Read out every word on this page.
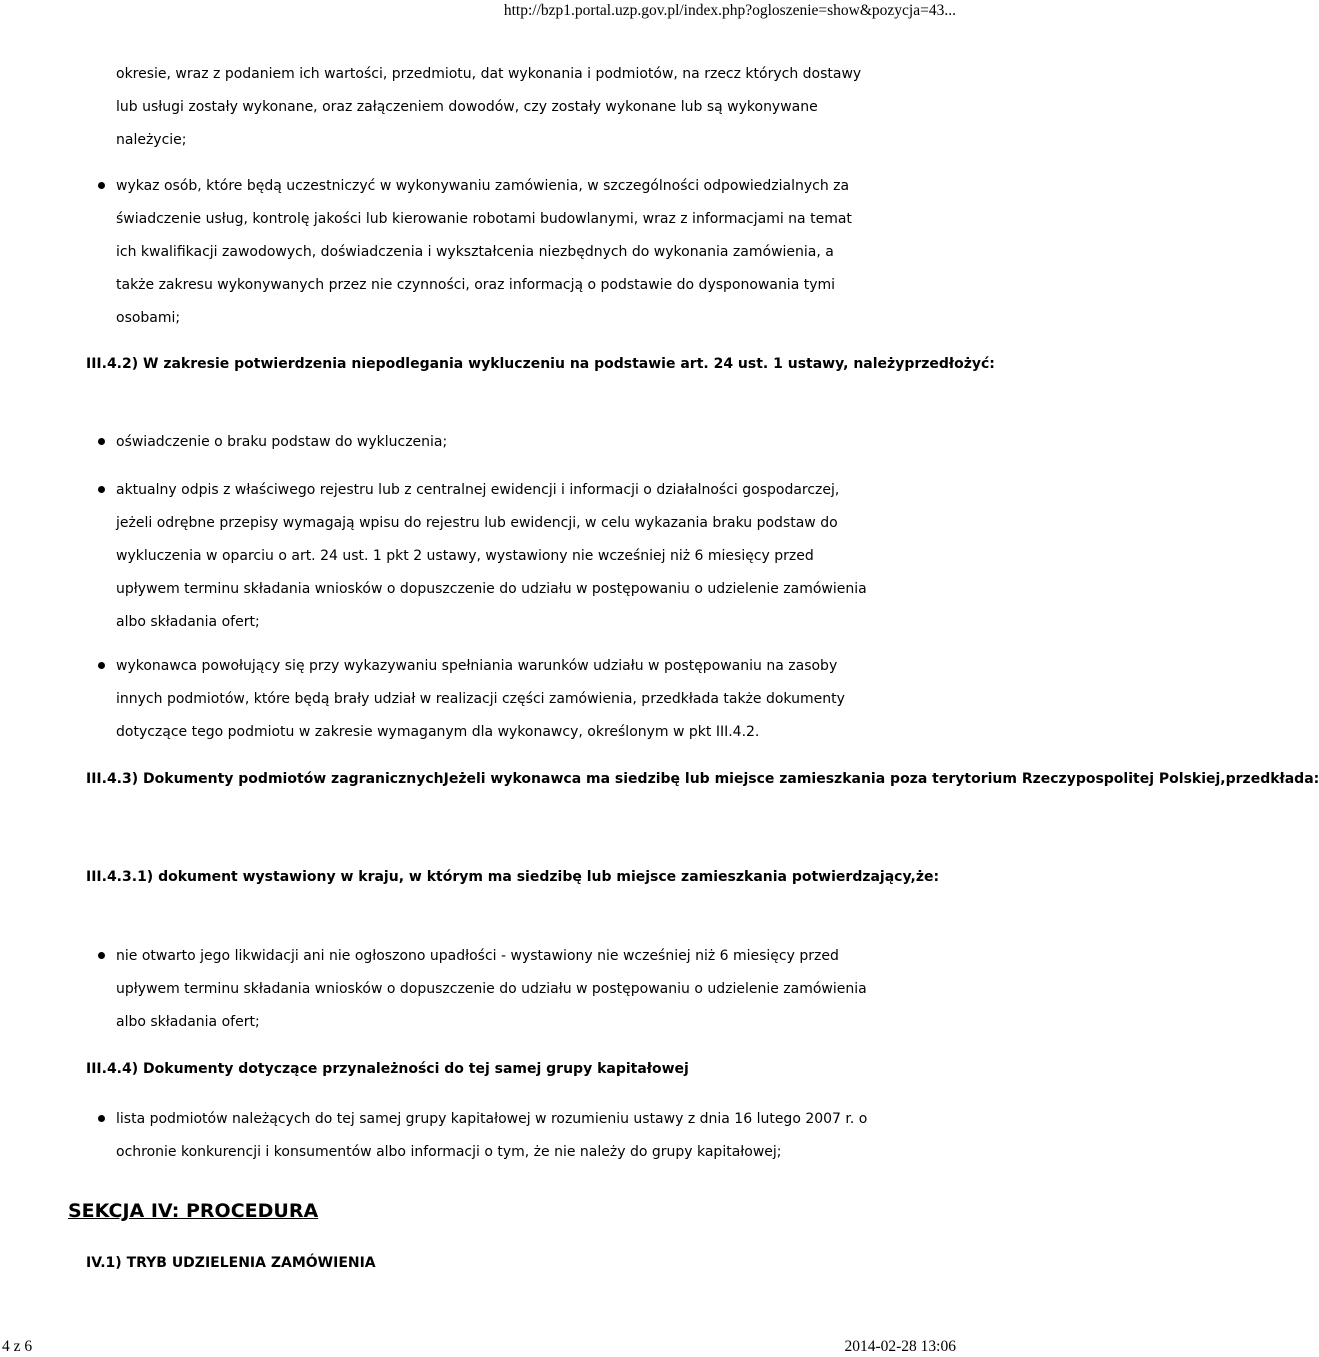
http://bzp1.portal.uzp.gov.pl/index.php?ogloszenie=show&pozycja=43...
okresie, wraz z podaniem ich wartości, przedmiotu, dat wykonania i podmiotów, na rzecz których dostawy
lub usługi zostały wykonane, oraz załączeniem dowodów, czy zostały wykonane lub są wykonywane
należycie;
wykaz osób, które będą uczestniczyć w wykonywaniu zamówienia, w szczególności odpowiedzialnych za
świadczenie usług, kontrolę jakości lub kierowanie robotami budowlanymi, wraz z informacjami na temat
ich kwalifikacji zawodowych, doświadczenia i wykształcenia niezbędnych do wykonania zamówienia, a
także zakresu wykonywanych przez nie czynności, oraz informacją o podstawie do dysponowania tymi
osobami;
III.4.2) W zakresie potwierdzenia niepodlegania wykluczeniu na podstawie art. 24 ust. 1 ustawy, należyprzedłożyć:
oświadczenie o braku podstaw do wykluczenia;
aktualny odpis z właściwego rejestru lub z centralnej ewidencji i informacji o działalności gospodarczej,
jeżeli odrębne przepisy wymagają wpisu do rejestru lub ewidencji, w celu wykazania braku podstaw do
wykluczenia w oparciu o art. 24 ust. 1 pkt 2 ustawy, wystawiony nie wcześniej niż 6 miesięcy przed
upływem terminu składania wniosków o dopuszczenie do udziału w postępowaniu o udzielenie zamówienia
albo składania ofert;
wykonawca powołujący się przy wykazywaniu spełniania warunków udziału w postępowaniu na zasoby
innych podmiotów, które będą brały udział w realizacji części zamówienia, przedkłada także dokumenty
dotyczące tego podmiotu w zakresie wymaganym dla wykonawcy, określonym w pkt III.4.2.
III.4.3) Dokumenty podmiotów zagranicznychJeżeli wykonawca ma siedzibę lub miejsce zamieszkania poza terytorium Rzeczypospolitej Polskiej,przedkłada:
III.4.3.1) dokument wystawiony w kraju, w którym ma siedzibę lub miejsce zamieszkania potwierdzający,że:
nie otwarto jego likwidacji ani nie ogłoszono upadłości - wystawiony nie wcześniej niż 6 miesięcy przed
upływem terminu składania wniosków o dopuszczenie do udziału w postępowaniu o udzielenie zamówienia
albo składania ofert;
III.4.4) Dokumenty dotyczące przynależności do tej samej grupy kapitałowej
lista podmiotów należących do tej samej grupy kapitałowej w rozumieniu ustawy z dnia 16 lutego 2007 r. o
ochronie konkurencji i konsumentów albo informacji o tym, że nie należy do grupy kapitałowej;
SEKCJA IV: PROCEDURA
IV.1) TRYB UDZIELENIA ZAMÓWIENIA
4 z 6	2014-02-28 13:06
